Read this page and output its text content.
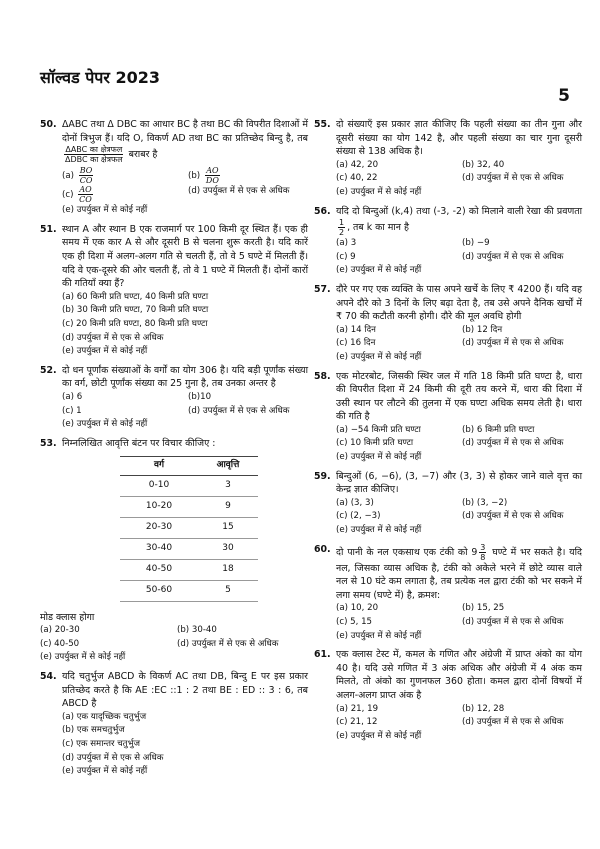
सॉल्वड पेपर 2023
5
50. ΔABC तथा Δ DBC का आधार BC है तथा BC की विपरीत दिशाओं में दोनों त्रिभुज हैं। यदि O, विकर्ण AD तथा BC का प्रतिच्छेद बिन्दु है, तब
$\frac{\text{ΔABC का क्षेत्रफल}}{\text{ΔDBC का क्षेत्रफल}}$ बराबर है
$(a) \frac{BO}{CO}$	$(b) \frac{AO}{DO}$
$(c) \frac{AO}{CO}$	(d) उपर्युक्त में से एक से अधिक
(e) उपर्युक्त में से कोई नहीं
51. स्थान A और स्थान B एक राजमार्ग पर 100 किमी दूर स्थित हैं। एक ही समय में एक कार A से और दूसरी B से चलना शुरू करती है। यदि कारें एक ही दिशा में अलग-अलग गति से चलती हैं, तो वे 5 घण्टे में मिलती हैं। यदि वे एक-दूसरे की ओर चलती हैं, तो वे 1 घण्टे में मिलती हैं। दोनों कारों की गतियाँ क्या हैं?
(a) 60 किमी प्रति घण्टा, 40 किमी प्रति घण्टा
(b) 30 किमी प्रति घण्टा, 70 किमी प्रति घण्टा
(c) 20 किमी प्रति घण्टा, 80 किमी प्रति घण्टा
(d) उपर्युक्त में से एक से अधिक
(e) उपर्युक्त में से कोई नहीं
52. दो धन पूर्णांक संख्याओं के वर्गों का योग 306 है। यदि बड़ी पूर्णांक संख्या का वर्ग, छोटी पूर्णांक संख्या का 25 गुना है, तब उनका अन्तर है
(a) 6	(b)10
(c) 1	(d) उपर्युक्त में से एक से अधिक
(e) उपर्युक्त में से कोई नहीं
53. निम्नलिखित आवृत्ति बंटन पर विचार कीजिए :
वर्ग	आवृत्ति
0-10	3
10-20	9
20-30	15
30-40	30
40-50	18
50-60	5
मोड क्लास होगा
(a) 20-30	(b) 30-40
(c) 40-50	(d) उपर्युक्त में से एक से अधिक
(e) उपर्युक्त में से कोई नहीं
54. यदि चतुर्भुज ABCD के विकर्ण AC तथा DB, बिन्दु E पर इस प्रकार प्रतिच्छेद करते है कि AE :EC ::1 : 2 तथा BE : ED :: 3 : 6, तब ABCD है
(a) एक यादृच्छिक चतुर्भुज
(b) एक समचतुर्भुज
(c) एक समान्तर चतुर्भुज
(d) उपर्युक्त में से एक से अधिक
(e) उपर्युक्त में से कोई नहीं
55. दो संख्याएँ इस प्रकार ज्ञात कीजिए कि पहली संख्या का तीन गुना और दूसरी संख्या का योग 142 है, और पहली संख्या का चार गुना दूसरी संख्या से 138 अधिक है।
(a) 42, 20	(b) 32, 40
(c) 40, 22	(d) उपर्युक्त में से एक से अधिक
(e) उपर्युक्त में से कोई नहीं
56. यदि दो बिन्दुओं (k,4) तथा (-3, -2) को मिलाने वाली रेखा की प्रवणता
$\frac{1}{2}$ , तब k का मान है
(a) 3	(b) −9
(c) 9	(d) उपर्युक्त में से एक से अधिक
(e) उपर्युक्त में से कोई नहीं
57. दौरे पर गए एक व्यक्ति के पास अपने खर्चे के लिए ₹ 4200 हैं। यदि वह अपने दौरे को 3 दिनों के लिए बढ़ा देता है, तब उसे अपने दैनिक खर्चों में ₹ 70 की कटौती करनी होगी। दौरे की मूल अवधि होगी
(a) 14 दिन	(b) 12 दिन
(c) 16 दिन	(d) उपर्युक्त में से एक से अधिक
(e) उपर्युक्त में से कोई नहीं
58. एक मोटरबोट, जिसकी स्थिर जल में गति 18 किमी प्रति घण्टा है, धारा की विपरीत दिशा में 24 किमी की दूरी तय करने में, धारा की दिशा में उसी स्थान पर लौटने की तुलना में एक घण्टा अधिक समय लेती है। धारा की गति है
(a) −54 किमी प्रति घण्टा	(b) 6 किमी प्रति घण्टा
(c) 10 किमी प्रति घण्टा	(d) उपर्युक्त में से एक से अधिक
(e) उपर्युक्त में से कोई नहीं
59. बिन्दुओं (6, −6), (3, −7) और (3, 3) से होकर जाने वाले वृत्त का केन्द्र ज्ञात कीजिए।
(a) (3, 3)	(b) (3, −2)
(c) (2, −3)	(d) उपर्युक्त में से एक से अधिक
(e) उपर्युक्त में से कोई नहीं
60. दो पानी के नल एकसाथ एक टंकी को $9 \frac{3}{8}$ घण्टे में भर सकते है। यदि नल, जिसका व्यास अधिक है, टंकी को अकेले भरने में छोटे व्यास वाले नल से 10 घंटे कम लगाता है, तब प्रत्येक नल द्वारा टंकी को भर सकने में लगा समय (घण्टे में) है, क्रमश:
(a) 10, 20	(b) 15, 25
(c) 5, 15	(d) उपर्युक्त में से एक से अधिक
(e) उपर्युक्त में से कोई नहीं
61. एक क्लास टेस्ट में, कमल के गणित और अंग्रेजी में प्राप्त अंको का योग 40 है। यदि उसे गणित में 3 अंक अधिक और अंग्रेजी में 4 अंक कम मिलते, तो अंको का गुणनफल 360 होता। कमल द्वारा दोनों विषयों में अलग-अलग प्राप्त अंक है
(a) 21, 19	(b) 12, 28
(c) 21, 12	(d) उपर्युक्त में से एक से अधिक
(e) उपर्युक्त में से कोई नहीं
